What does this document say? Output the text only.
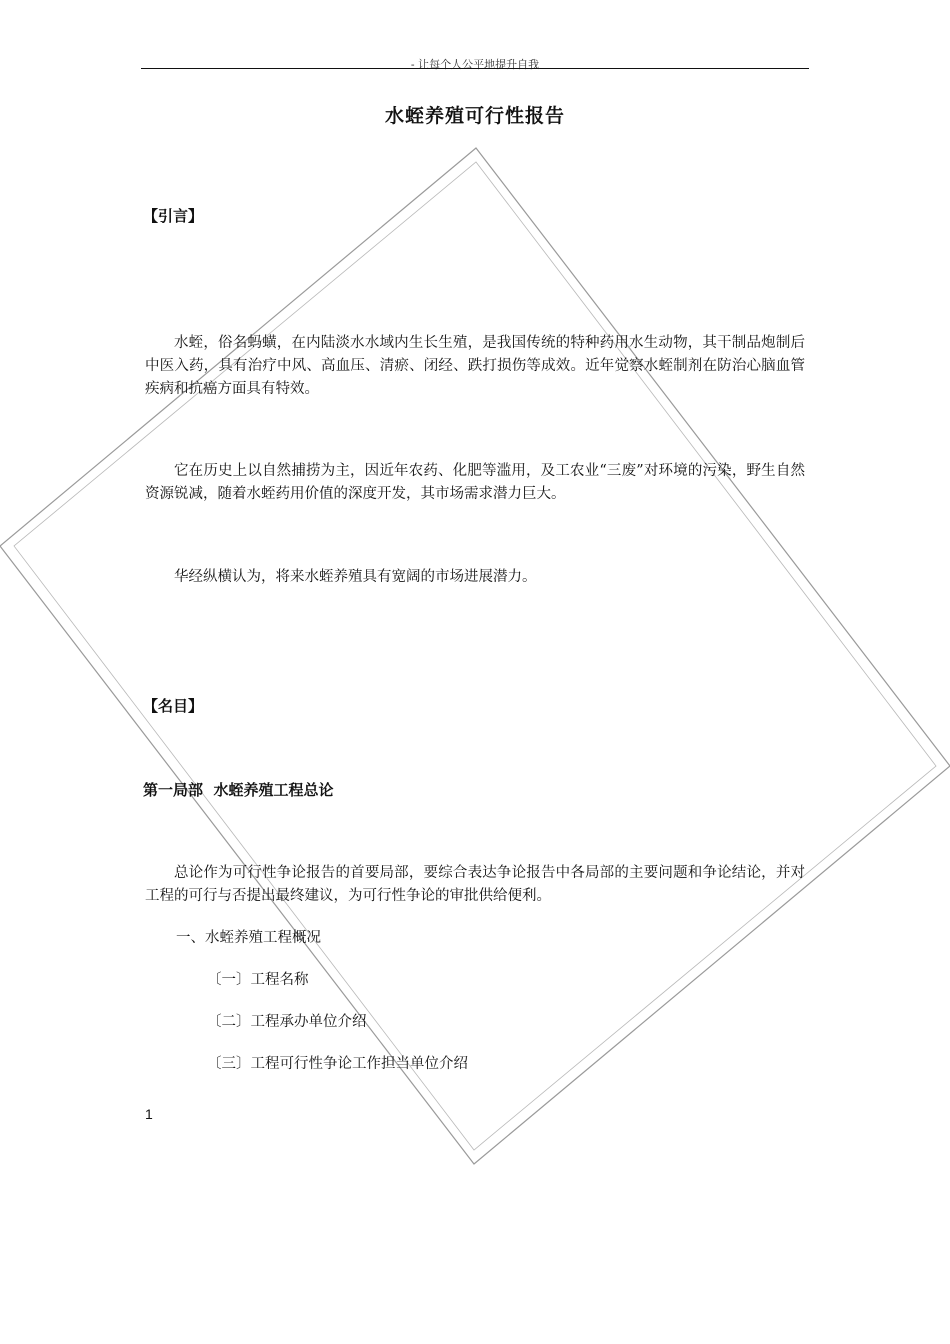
- 让每个人公平地提升自我
水蛭养殖可行性报告
【引言】
水蛭，俗名蚂蟥，在内陆淡水水域内生长生殖，是我国传统的特种药用水生动物，其干制品炮制后中医入药，具有治疗中风、高血压、清瘀、闭经、跌打损伤等成效。近年觉察水蛭制剂在防治心脑血管疾病和抗癌方面具有特效。
它在历史上以自然捕捞为主，因近年农药、化肥等滥用，及工农业“三废”对环境的污染，野生自然资源锐减，随着水蛭药用价值的深度开发，其市场需求潜力巨大。
华经纵横认为，将来水蛭养殖具有宽阔的市场进展潜力。
【名目】
第一局部  水蛭养殖工程总论
总论作为可行性争论报告的首要局部，要综合表达争论报告中各局部的主要问题和争论结论，并对工程的可行与否提出最终建议，为可行性争论的审批供给便利。
一、水蛭养殖工程概况
〔一〕工程名称
〔二〕工程承办单位介绍
〔三〕工程可行性争论工作担当单位介绍
1
